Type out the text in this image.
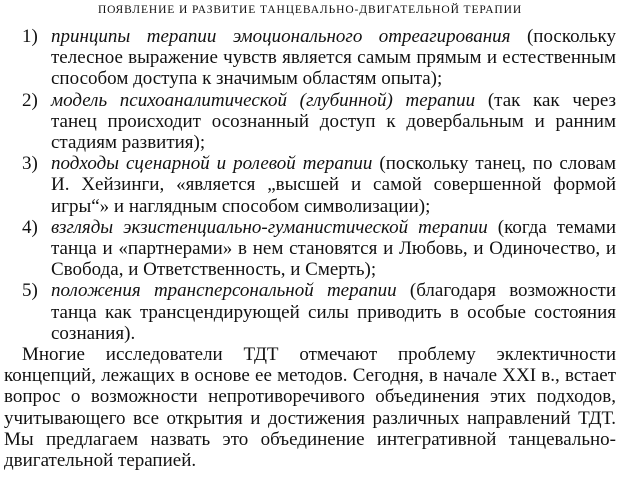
ПОЯВЛЕНИЕ И РАЗВИТИЕ ТАНЦЕВАЛЬНО-ДВИГАТЕЛЬНОЙ ТЕРАПИИ
1) принципы терапии эмоционального отреагирования (поскольку телесное выражение чувств является самым прямым и естественным способом доступа к значимым областям опыта);
2) модель психоаналитической (глубинной) терапии (так как через танец происходит осознанный доступ к довербальным и ранним стадиям развития);
3) подходы сценарной и ролевой терапии (поскольку танец, по словам И. Хейзинги, «является „высшей и самой совершенной формой игры“» и наглядным способом символизации);
4) взгляды экзистенциально-гуманистической терапии (когда темами танца и «партнерами» в нем становятся и Любовь, и Одиночество, и Свобода, и Ответственность, и Смерть);
5) положения трансперсональной терапии (благодаря возможности танца как трансцендирующей силы приводить в особые состояния сознания).

Многие исследователи ТДТ отмечают проблему эклектичности концепций, лежащих в основе ее методов. Сегодня, в начале XXI в., встает вопрос о возможности непротиворечивого объединения этих подходов, учитывающего все открытия и достижения различных направлений ТДТ. Мы предлагаем назвать это объединение интегративной танцевально-двигательной терапией.
